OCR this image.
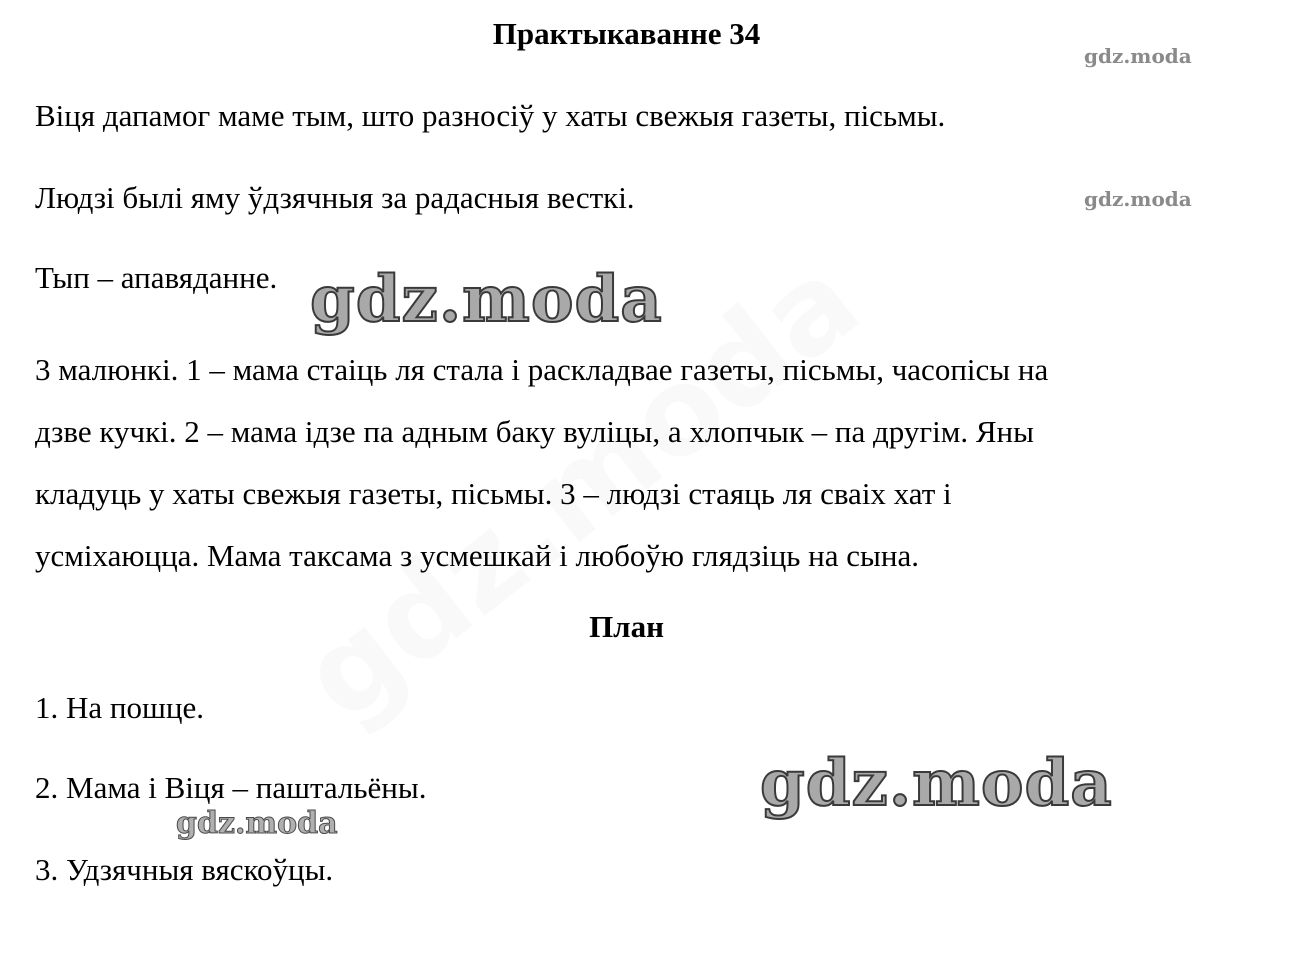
Практыкаванне 34
Віця дапамог маме тым, што разносіў у хаты свежыя газеты, пісьмы.
Людзі былі яму ўдзячныя за радасныя весткі.
Тып – апавяданне.
3 малюнкі. 1 – мама стаіць ля стала і раскладвае газеты, пісьмы, часопісы на
дзве кучкі. 2 – мама ідзе па адным баку вуліцы, а хлопчык – па другім. Яны
кладуць у хаты свежыя газеты, пісьмы. 3 – людзі стаяць ля сваіх хат і
усміхаюцца. Мама таксама з усмешкай і любоўю глядзіць на сына.
План
1. На пошце.
2. Мама і Віця – паштальёны.
3. Удзячныя вяскоўцы.
gdz.moda
gdz.moda
gdz.moda
gdz.moda
gdz.moda
